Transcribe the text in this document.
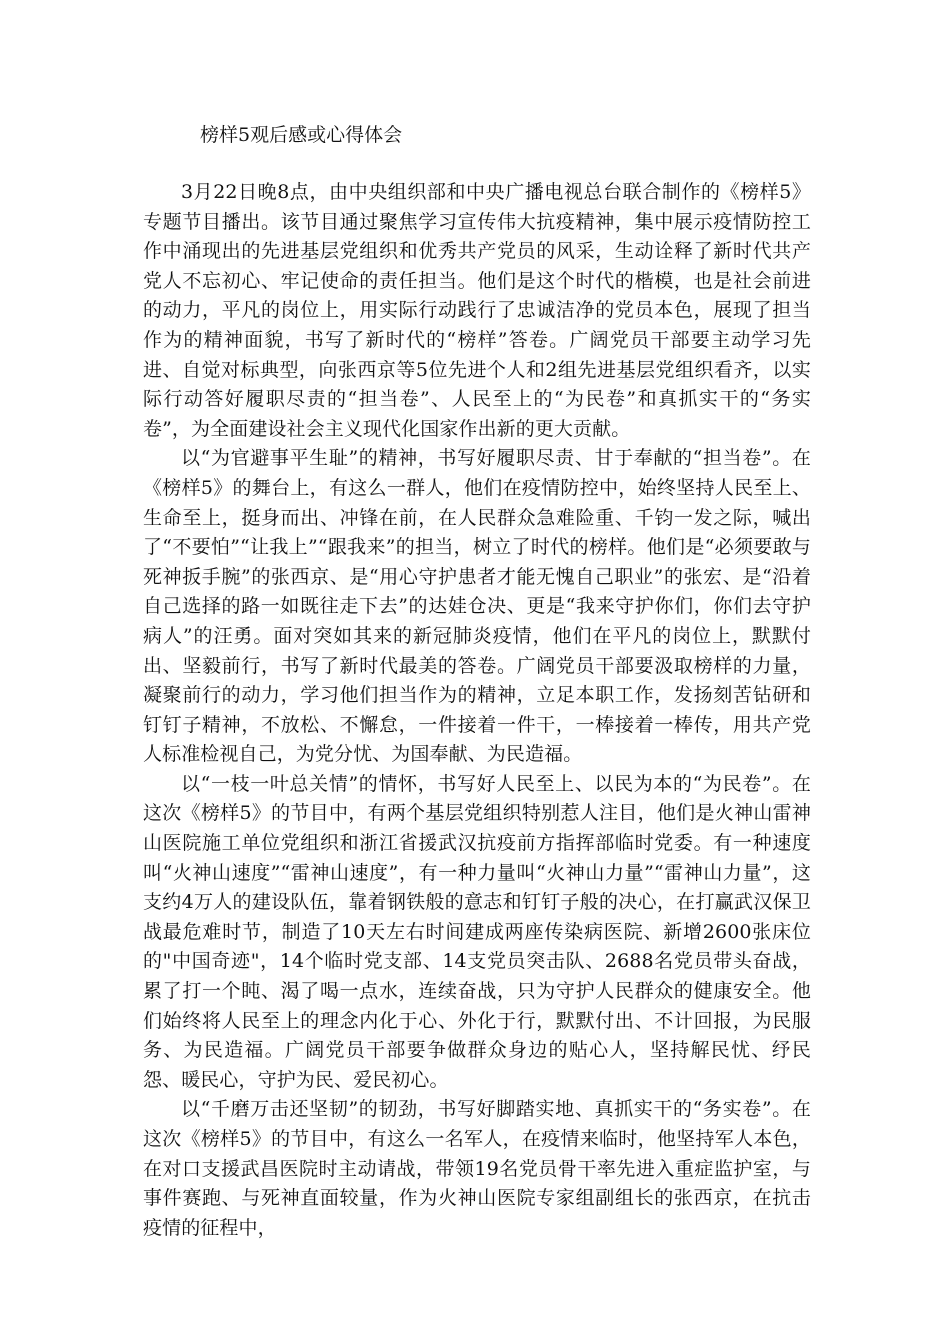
榜样5观后感或心得体会

3月22日晚8点，由中央组织部和中央广播电视总台联合制作的《榜样5》专题节目播出。该节目通过聚焦学习宣传伟大抗疫精神，集中展示疫情防控工作中涌现出的先进基层党组织和优秀共产党员的风采，生动诠释了新时代共产党人不忘初心、牢记使命的责任担当。他们是这个时代的楷模，也是社会前进的动力，平凡的岗位上，用实际行动践行了忠诚洁净的党员本色，展现了担当作为的精神面貌，书写了新时代的“榜样”答卷。广阔党员干部要主动学习先进、自觉对标典型，向张西京等5位先进个人和2组先进基层党组织看齐，以实际行动答好履职尽责的“担当卷”、人民至上的“为民卷”和真抓实干的“务实卷”，为全面建设社会主义现代化国家作出新的更大贡献。

以“为官避事平生耻”的精神，书写好履职尽责、甘于奉献的“担当卷”。在《榜样5》的舞台上，有这么一群人，他们在疫情防控中，始终坚持人民至上、生命至上，挺身而出、冲锋在前，在人民群众急难险重、千钧一发之际，喊出了“不要怕”“让我上”“跟我来”的担当，树立了时代的榜样。他们是“必须要敢与死神扳手腕”的张西京、是“用心守护患者才能无愧自己职业”的张宏、是“沿着自己选择的路一如既往走下去”的达娃仓决、更是“我来守护你们，你们去守护病人”的汪勇。面对突如其来的新冠肺炎疫情，他们在平凡的岗位上，默默付出、坚毅前行，书写了新时代最美的答卷。广阔党员干部要汲取榜样的力量，凝聚前行的动力，学习他们担当作为的精神，立足本职工作，发扬刻苦钻研和钉钉子精神，不放松、不懈怠，一件接着一件干，一棒接着一棒传，用共产党人标准检视自己，为党分忧、为国奉献、为民造福。

以“一枝一叶总关情”的情怀，书写好人民至上、以民为本的“为民卷”。在这次《榜样5》的节目中，有两个基层党组织特别惹人注目，他们是火神山雷神山医院施工单位党组织和浙江省援武汉抗疫前方指挥部临时党委。有一种速度叫“火神山速度”“雷神山速度”，有一种力量叫“火神山力量”“雷神山力量”，这支约4万人的建设队伍，靠着钢铁般的意志和钉钉子般的决心，在打赢武汉保卫战最危难时节，制造了10天左右时间建成两座传染病医院、新增2600张床位的"中国奇迹"，14个临时党支部、14支党员突击队、2688名党员带头奋战，累了打一个盹、渴了喝一点水，连续奋战，只为守护人民群众的健康安全。他们始终将人民至上的理念内化于心、外化于行，默默付出、不计回报，为民服务、为民造福。广阔党员干部要争做群众身边的贴心人，坚持解民忧、纾民怨、暖民心，守护为民、爱民初心。

以“千磨万击还坚韧”的韧劲，书写好脚踏实地、真抓实干的“务实卷”。在这次《榜样5》的节目中，有这么一名军人，在疫情来临时，他坚持军人本色，在对口支援武昌医院时主动请战，带领19名党员骨干率先进入重症监护室，与事件赛跑、与死神直面较量，作为火神山医院专家组副组长的张西京，在抗击疫情的征程中，
